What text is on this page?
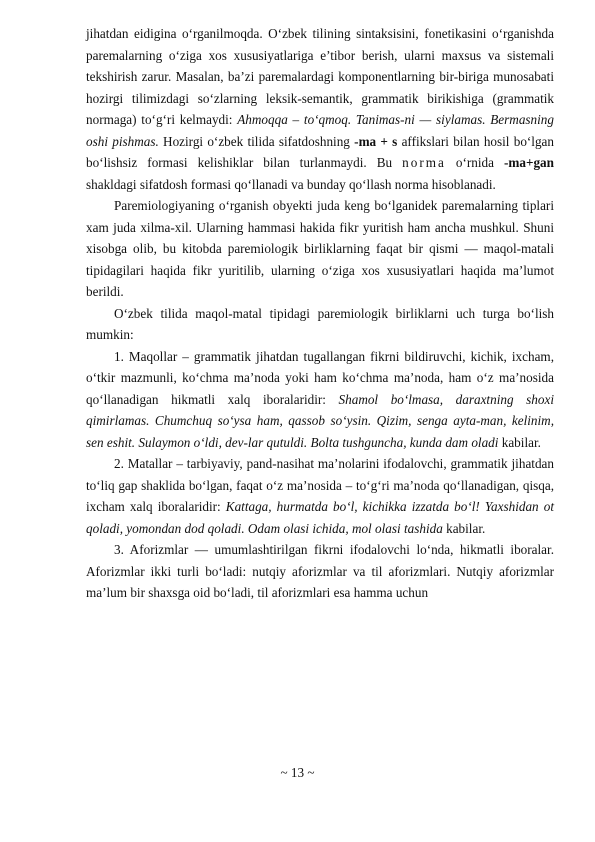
jihatdan eidigina o‘rganilmoqda. O‘zbek tilining sintaksisini, fonetikasini o‘rganishda paremalarning o‘ziga xos xususiyatlariga e’tibor berish, ularni maxsus va sistemali tekshirish zarur. Masalan, ba’zi paremalardagi komponentlarning bir-biriga munosabati hozirgi tilimizdagi so‘zlarning leksik-semantik, grammatik birikishiga (grammatik normaga) to‘g‘ri kelmaydi: Ahmoqqa – to‘qmoq. Tanimas-ni — siylamas. Bermasning oshi pishmas. Hozirgi o‘zbek tilida sifatdoshning -ma + s affikslari bilan hosil bo‘lgan bo‘lishsiz formasi kelishiklar bilan turlanmaydi. Bu norma o‘rnida -ma+gan shakldagi sifatdosh formasi qo‘llanadi va bunday qo‘llash norma hisoblanadi.

Paremiologiyaning o‘rganish obyekti juda keng bo‘lganidek paremalarning tiplari xam juda xilma-xil. Ularning hammasi hakida fikr yuritish ham ancha mushkul. Shuni xisobga olib, bu kitobda paremiologik birliklarning faqat bir qismi — maqol-matali tipidagilari haqida fikr yuritilib, ularning o‘ziga xos xususiyatlari haqida ma’lumot berildi.

O‘zbek tilida maqol-matal tipidagi paremiologik birliklarni uch turga bo‘lish mumkin:

1. Maqollar – grammatik jihatdan tugallangan fikrni bildiruvchi, kichik, ixcham, o‘tkir mazmunli, ko‘chma ma’noda yoki ham ko‘chma ma’noda, ham o‘z ma’nosida qo‘llanadigan hikmatli xalq iboralaridir: Shamol bo‘lmasa, daraxtning shoxi qimirlamas. Chumchuq so‘ysa ham, qassob so‘ysin. Qizim, senga ayta-man, kelinim, sen eshit. Sulaymon o‘ldi, dev-lar qutuldi. Bolta tushguncha, kunda dam oladi kabilar.

2. Matallar – tarbiyaviy, pand-nasihat ma’nolarini ifodalovchi, grammatik jihatdan to‘liq gap shaklida bo‘lgan, faqat o‘z ma’nosida – to‘g‘ri ma’noda qo‘llanadigan, qisqa, ixcham xalq iboralaridir: Kattaga, hurmatda bo‘l, kichikka izzatda bo‘l! Yaxshidan ot qoladi, yomondan dod qoladi. Odam olasi ichida, mol olasi tashida kabilar.

3. Aforizmlar — umumlashtirilgan fikrni ifodalovchi lo‘nda, hikmatli iboralar. Aforizmlar ikki turli bo‘ladi: nutqiy aforizmlar va til aforizmlari. Nutqiy aforizmlar ma’lum bir shaxsga oid bo‘ladi, til aforizmlari esa hamma uchun

~ 13 ~
